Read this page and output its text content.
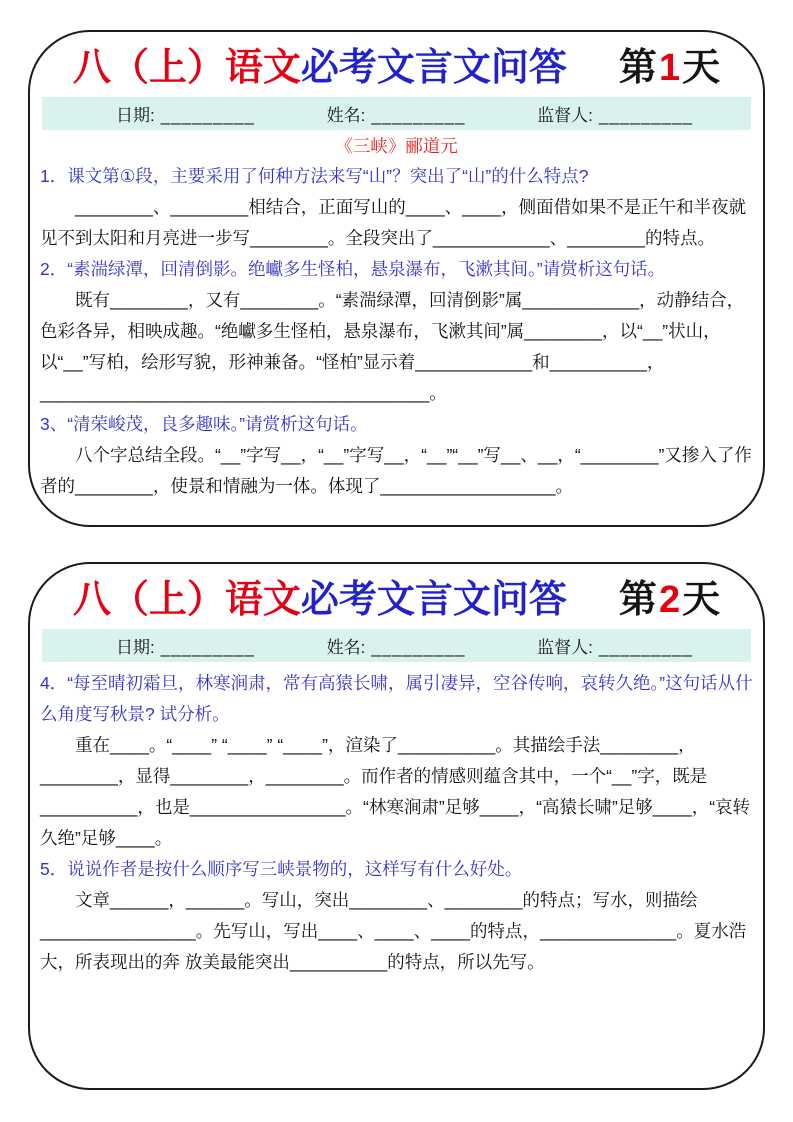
八（上）语文必考文言文问答 第1天
日期: _________	姓名: _________	监督人: _________
《三峡》郦道元

1．课文第①段，主要采用了何种方法来写“山”？突出了“山”的什么特点?

________、________相结合，正面写山的____、____，侧面借如果不是正午和半夜就见不到太阳和月亮进一步写________。全段突出了____________、________的特点。

2．“素湍绿潭，回清倒影。绝巘多生怪柏，悬泉瀑布，飞漱其间。”请赏析这句话。

既有________，又有________。“素湍绿潭，回清倒影”属____________，动静结合，色彩各异，相映成趣。“绝巘多生怪柏，悬泉瀑布，飞漱其间”属________，以“__”状山，以“__”写柏，绘形写貌，形神兼备。“怪柏”显示着____________和__________，________________________________________。

3、“清荣峻茂，良多趣味。”请赏析这句话。

八个字总结全段。“__”字写__，“__”字写__，“__”“__”写__、__，“________”又掺入了作者的________，使景和情融为一体。体现了__________________。

八（上）语文必考文言文问答 第2天
日期: _________	姓名: _________	监督人: _________

4．“每至晴初霜旦，林寒涧肃，常有高猿长啸，属引凄异，空谷传响，哀转久绝。”这句话从什么角度写秋景? 试分析。

重在____。“____” “____” “____”，渲染了__________。其描绘手法________，________，显得________，________。而作者的情感则蕴含其中，一个“__”字，既是__________，也是________________。“林寒涧肃”足够____，“高猿长啸”足够____，“哀转久绝”足够____。

5．说说作者是按什么顺序写三峡景物的，这样写有什么好处。

文章______，______。写山，突出________、________的特点；写水，则描绘________________。先写山，写出____、____、____的特点，______________。夏水浩大，所表现出的奔 放美最能突出__________的特点，所以先写。
